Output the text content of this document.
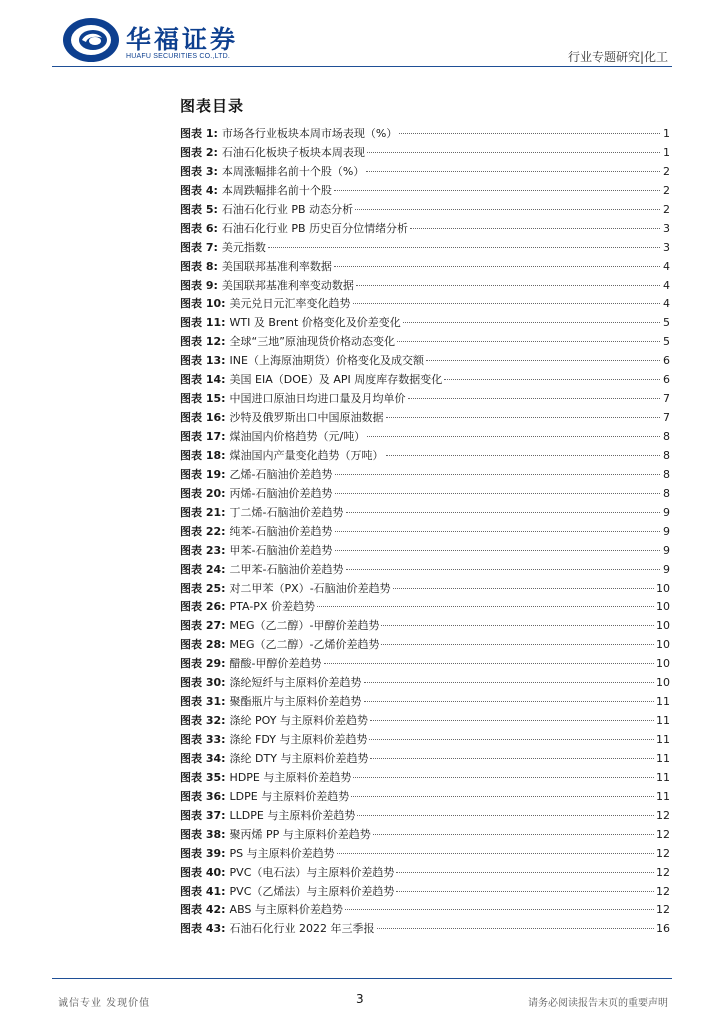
华福证券
HUAFU SECURITIES CO.,LTD.	行业专题研究|化工
图表目录
图表 1: 市场各行业板块本周市场表现（%）	1
图表 2: 石油石化板块子板块本周表现	1
图表 3: 本周涨幅排名前十个股（%）	2
图表 4: 本周跌幅排名前十个股	2
图表 5: 石油石化行业 PB 动态分析	2
图表 6: 石油石化行业 PB 历史百分位情绪分析	3
图表 7: 美元指数	3
图表 8: 美国联邦基准利率数据	4
图表 9: 美国联邦基准利率变动数据	4
图表 10: 美元兑日元汇率变化趋势	4
图表 11: WTI 及 Brent 价格变化及价差变化	5
图表 12: 全球“三地”原油现货价格动态变化	5
图表 13: INE（上海原油期货）价格变化及成交额	6
图表 14: 美国 EIA（DOE）及 API 周度库存数据变化	6
图表 15: 中国进口原油日均进口量及月均单价	7
图表 16: 沙特及俄罗斯出口中国原油数据	7
图表 17: 煤油国内价格趋势（元/吨）	8
图表 18: 煤油国内产量变化趋势（万吨）	8
图表 19: 乙烯-石脑油价差趋势	8
图表 20: 丙烯-石脑油价差趋势	8
图表 21: 丁二烯-石脑油价差趋势	9
图表 22: 纯苯-石脑油价差趋势	9
图表 23: 甲苯-石脑油价差趋势	9
图表 24: 二甲苯-石脑油价差趋势	9
图表 25: 对二甲苯（PX）-石脑油价差趋势	10
图表 26: PTA-PX 价差趋势	10
图表 27: MEG（乙二醇）-甲醇价差趋势	10
图表 28: MEG（乙二醇）-乙烯价差趋势	10
图表 29: 醋酸-甲醇价差趋势	10
图表 30: 涤纶短纤与主原料价差趋势	10
图表 31: 聚酯瓶片与主原料价差趋势	11
图表 32: 涤纶 POY 与主原料价差趋势	11
图表 33: 涤纶 FDY 与主原料价差趋势	11
图表 34: 涤纶 DTY 与主原料价差趋势	11
图表 35: HDPE 与主原料价差趋势	11
图表 36: LDPE 与主原料价差趋势	11
图表 37: LLDPE 与主原料价差趋势	12
图表 38: 聚丙烯 PP 与主原料价差趋势	12
图表 39: PS 与主原料价差趋势	12
图表 40: PVC（电石法）与主原料价差趋势	12
图表 41: PVC（乙烯法）与主原料价差趋势	12
图表 42: ABS 与主原料价差趋势	12
图表 43: 石油石化行业 2022 年三季报	16
诚信专业 发现价值	3	请务必阅读报告末页的重要声明
